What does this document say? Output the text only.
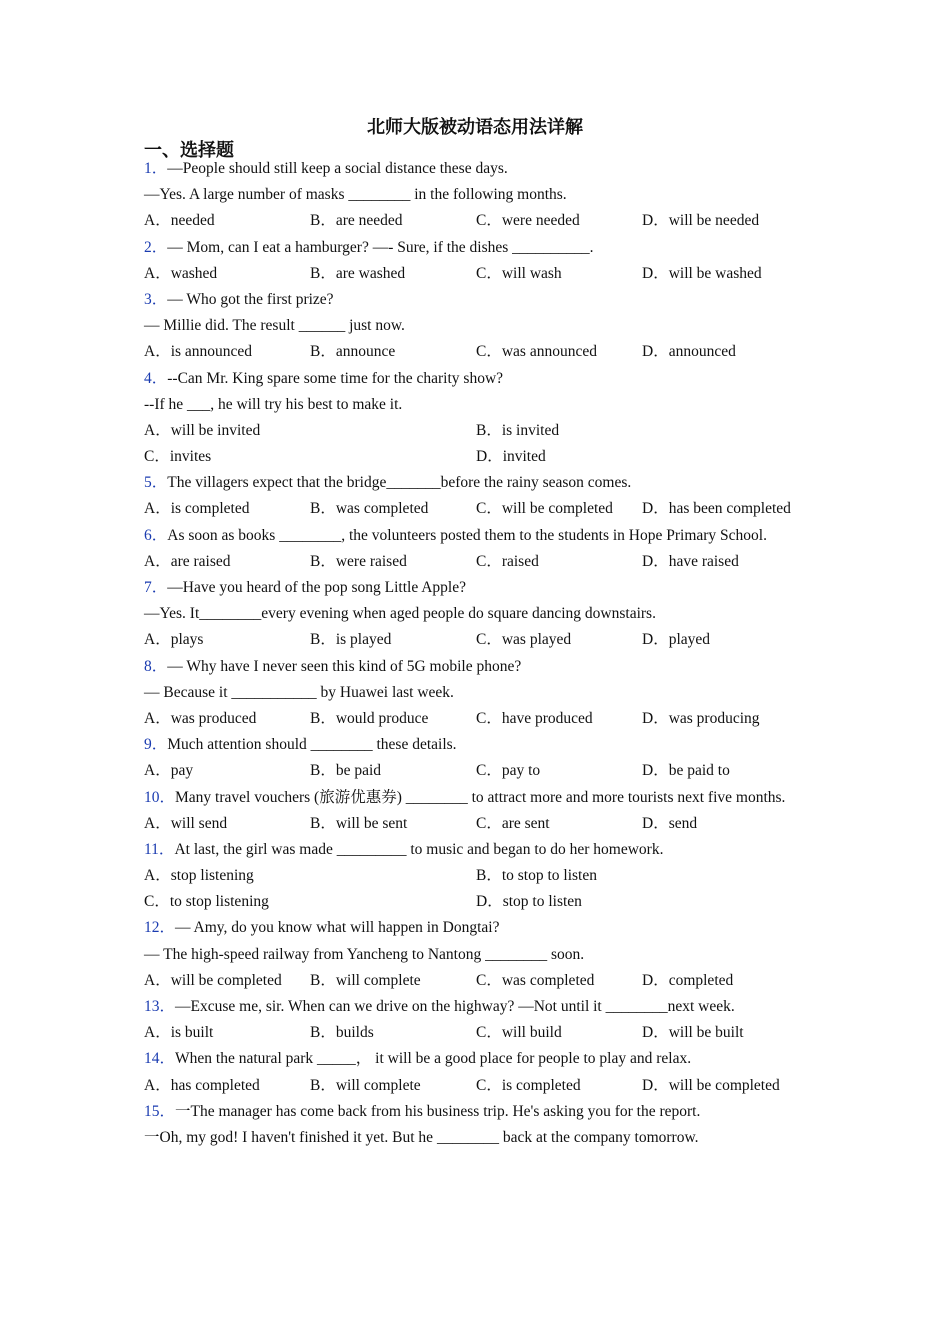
北师大版被动语态用法详解
一、选择题
1．—People should still keep a social distance these days.
—Yes. A large number of masks ________ in the following months.
A．needed	B．are needed	C．were needed	D．will be needed
2．— Mom, can I eat a hamburger? —- Sure, if the dishes __________.
A．washed	B．are washed	C．will wash	D．will be washed
3．— Who got the first prize?
— Millie did. The result ______ just now.
A．is announced	B．announce	C．was announced	D．announced
4．--Can Mr. King spare some time for the charity show?
--If he ___, he will try his best to make it.
A．will be invited	B．is invited
C．invites	D．invited
5．The villagers expect that the bridge_______before the rainy season comes.
A．is completed	B．was completed	C．will be completed	D．has been completed
6．As soon as books ________, the volunteers posted them to the students in Hope Primary School.
A．are raised	B．were raised	C．raised	D．have raised
7．—Have you heard of the pop song Little Apple?
—Yes. It________every evening when aged people do square dancing downstairs.
A．plays	B．is played	C．was played	D．played
8．— Why have I never seen this kind of 5G mobile phone?
— Because it ___________ by Huawei last week.
A．was produced	B．would produce	C．have produced	D．was producing
9．Much attention should ________ these details.
A．pay	B．be paid	C．pay to	D．be paid to
10．Many travel vouchers (旅游优惠券) ________ to attract more and more tourists next five months.
A．will send	B．will be sent	C．are sent	D．send
11．At last, the girl was made _________ to music and began to do her homework.
A．stop listening	B．to stop to listen
C．to stop listening	D．stop to listen
12．— Amy, do you know what will happen in Dongtai?
— The high-speed railway from Yancheng to Nantong ________ soon.
A．will be completed	B．will complete	C．was completed	D．completed
13．—Excuse me, sir. When can we drive on the highway? —Not until it ________next week.
A．is built	B．builds	C．will build	D．will be built
14．When the natural park _____， it will be a good place for people to play and relax.
A．has completed	B．will complete	C．is completed	D．will be completed
15．一The manager has come back from his business trip. He's asking you for the report.
一Oh, my god! I haven't finished it yet. But he ________ back at the company tomorrow.
